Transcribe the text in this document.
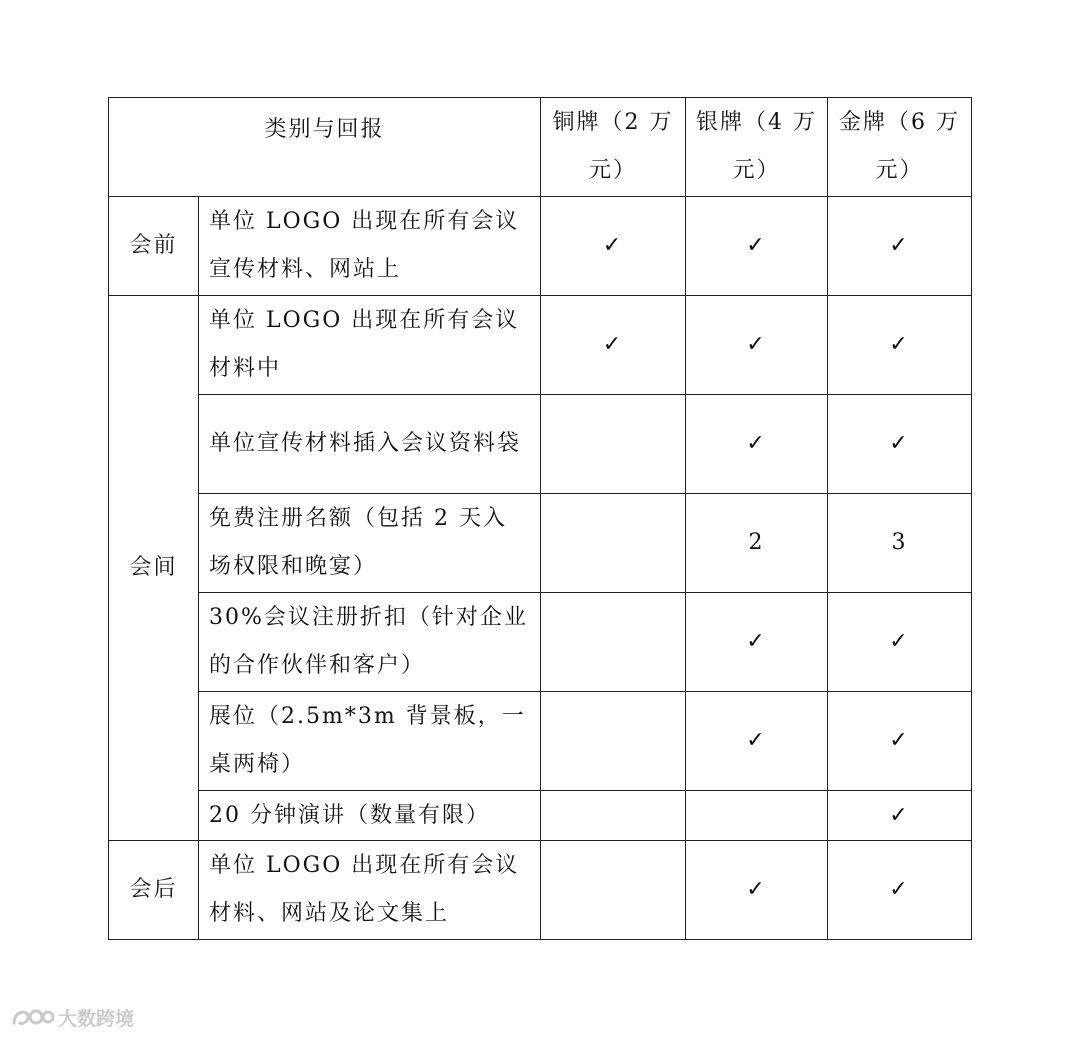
类别与回报		铜牌（2 万元）	银牌（4 万元）	金牌（6 万元）
会前	单位 LOGO 出现在所有会议宣传材料、网站上	✓	✓	✓
会间	单位 LOGO 出现在所有会议材料中	✓	✓	✓
	单位宣传材料插入会议资料袋		✓	✓
	免费注册名额（包括 2 天入场权限和晚宴）		2	3
	30%会议注册折扣（针对企业的合作伙伴和客户）		✓	✓
	展位（2.5m*3m 背景板，一桌两椅）		✓	✓
	20 分钟演讲（数量有限）			✓
会后	单位 LOGO 出现在所有会议材料、网站及论文集上		✓	✓
大数跨境
